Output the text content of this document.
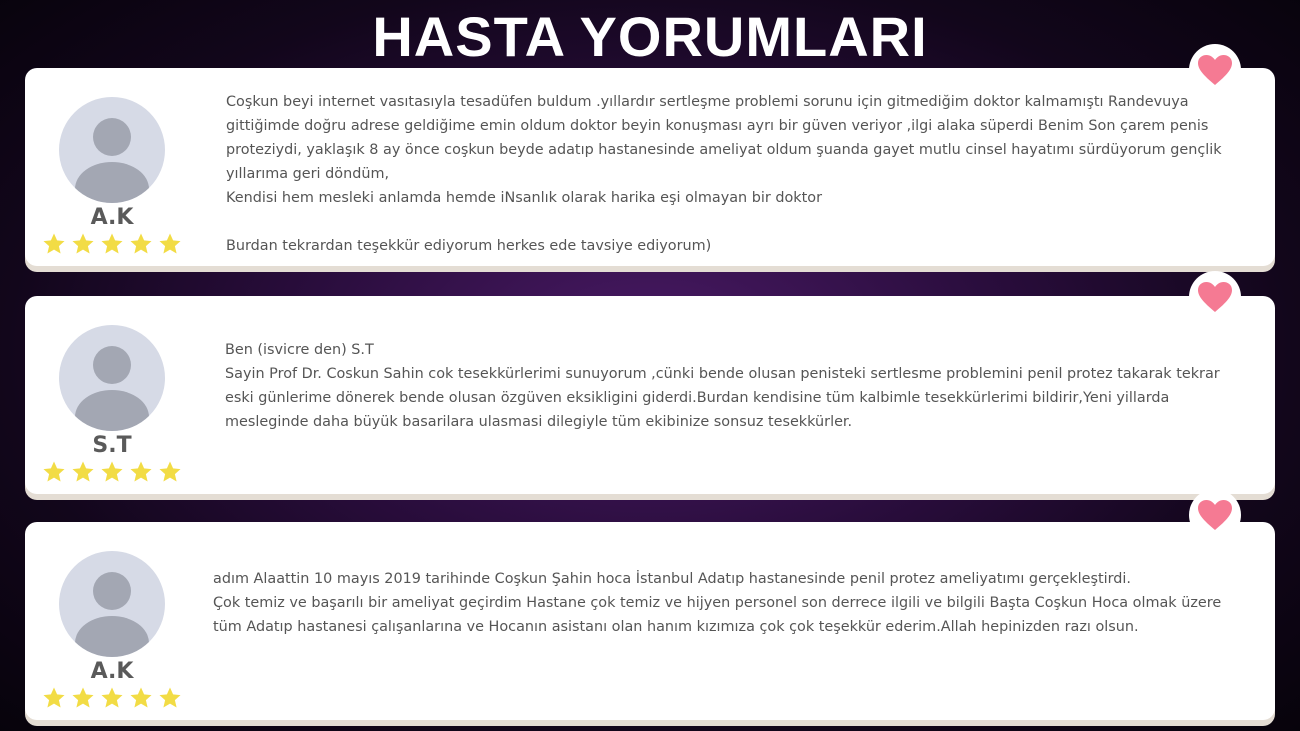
HASTA YORUMLARI
A.K
Coşkun beyi internet vasıtasıyla tesadüfen buldum .yıllardır sertleşme problemi sorunu için gitmediğim doktor kalmamıştı Randevuya gittiğimde doğru adrese geldiğime emin oldum doktor beyin konuşması ayrı bir güven veriyor ,ilgi alaka süperdi Benim Son çarem penis proteziydi, yaklaşık 8 ay önce coşkun beyde adatıp hastanesinde ameliyat oldum şuanda gayet mutlu cinsel hayatımı sürdüyorum gençlik yıllarıma geri döndüm,
Kendisi hem mesleki anlamda hemde iNsanlık olarak harika eşi olmayan bir doktor

Burdan tekrardan teşekkür ediyorum herkes ede tavsiye ediyorum)
S.T
Ben (isvicre den) S.T
Sayin Prof Dr. Coskun Sahin cok tesekkürlerimi sunuyorum ,cünki bende olusan penisteki sertlesme problemini penil protez takarak tekrar eski günlerime dönerek bende olusan özgüven eksikligini giderdi.Burdan kendisine tüm kalbimle tesekkürlerimi bildirir,Yeni yillarda mesleginde daha büyük basarilara ulasmasi dilegiyle tüm ekibinize sonsuz tesekkürler.
A.K
adım Alaattin 10 mayıs 2019 tarihinde Coşkun Şahin hoca İstanbul Adatıp hastanesinde penil protez ameliyatımı gerçekleştirdi.
Çok temiz ve başarılı bir ameliyat geçirdim Hastane çok temiz ve hijyen personel son derrece ilgili ve bilgili Başta Coşkun Hoca olmak üzere tüm Adatıp hastanesi çalışanlarına ve Hocanın asistanı olan hanım kızımıza çok çok teşekkür ederim.Allah hepinizden razı olsun.
